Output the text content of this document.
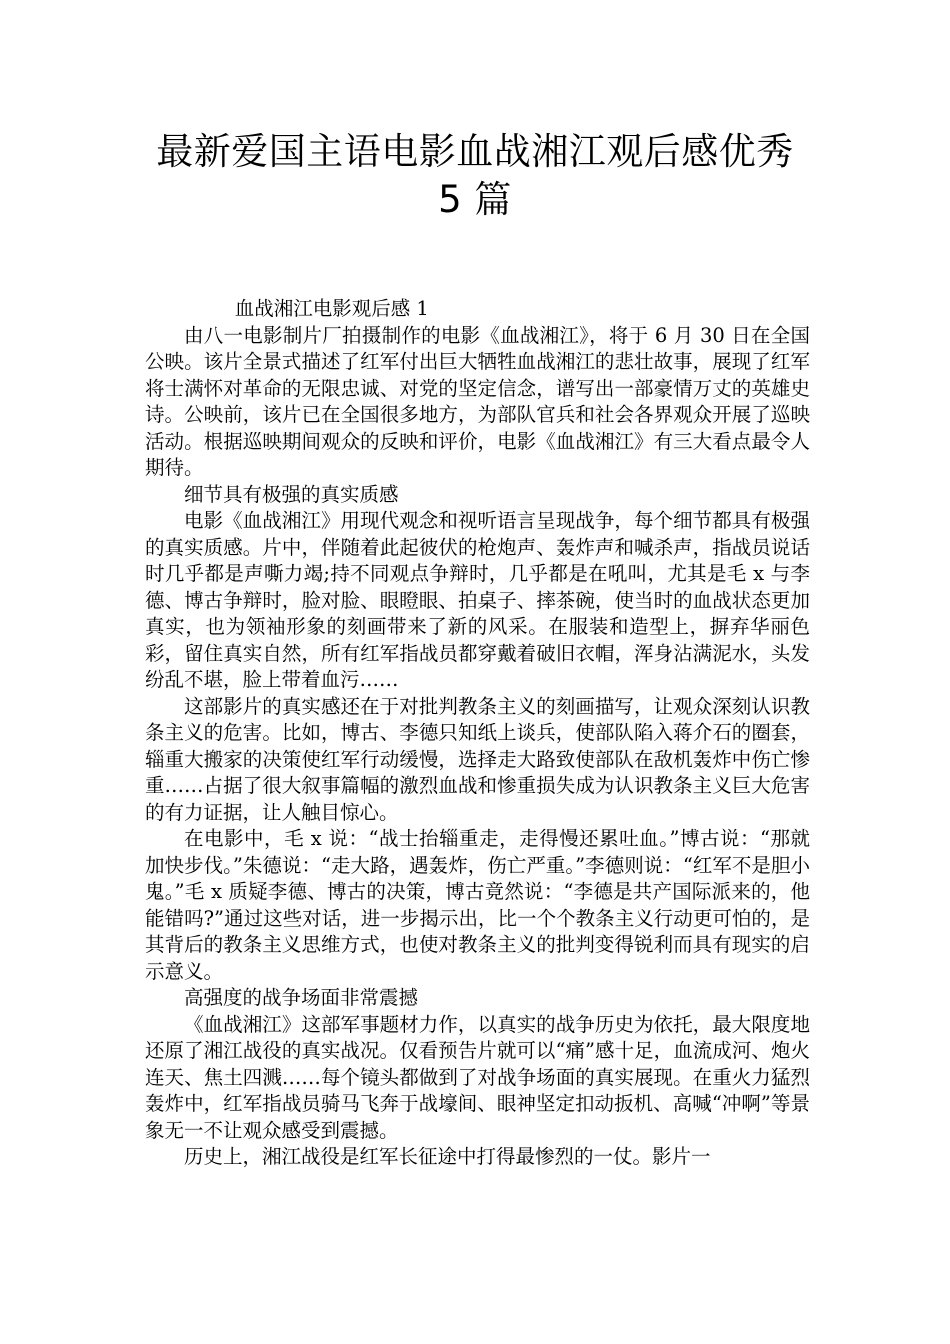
最新爱国主语电影血战湘江观后感优秀
5 篇

血战湘江电影观后感 1

由八一电影制片厂拍摄制作的电影《血战湘江》，将于 6 月 30 日在全国公映。该片全景式描述了红军付出巨大牺牲血战湘江的悲壮故事，展现了红军将士满怀对革命的无限忠诚、对党的坚定信念，谱写出一部豪情万丈的英雄史诗。公映前，该片已在全国很多地方，为部队官兵和社会各界观众开展了巡映活动。根据巡映期间观众的反映和评价，电影《血战湘江》有三大看点最令人期待。

细节具有极强的真实质感

电影《血战湘江》用现代观念和视听语言呈现战争，每个细节都具有极强的真实质感。片中，伴随着此起彼伏的枪炮声、轰炸声和喊杀声，指战员说话时几乎都是声嘶力竭;持不同观点争辩时，几乎都是在吼叫，尤其是毛 x 与李德、博古争辩时，脸对脸、眼瞪眼、拍桌子、摔茶碗，使当时的血战状态更加真实，也为领袖形象的刻画带来了新的风采。在服装和造型上，摒弃华丽色彩，留住真实自然，所有红军指战员都穿戴着破旧衣帽，浑身沾满泥水，头发纷乱不堪，脸上带着血污……

这部影片的真实感还在于对批判教条主义的刻画描写，让观众深刻认识教条主义的危害。比如，博古、李德只知纸上谈兵，使部队陷入蒋介石的圈套，辎重大搬家的决策使红军行动缓慢，选择走大路致使部队在敌机轰炸中伤亡惨重……占据了很大叙事篇幅的激烈血战和惨重损失成为认识教条主义巨大危害的有力证据，让人触目惊心。

在电影中，毛 x 说：“战士抬辎重走，走得慢还累吐血。”博古说：“那就加快步伐。”朱德说：“走大路，遇轰炸，伤亡严重。”李德则说：“红军不是胆小鬼。”毛 x 质疑李德、博古的决策，博古竟然说：“李德是共产国际派来的，他能错吗?”通过这些对话，进一步揭示出，比一个个教条主义行动更可怕的，是其背后的教条主义思维方式，也使对教条主义的批判变得锐利而具有现实的启示意义。

高强度的战争场面非常震撼

《血战湘江》这部军事题材力作，以真实的战争历史为依托，最大限度地还原了湘江战役的真实战况。仅看预告片就可以“痛”感十足，血流成河、炮火连天、焦土四溅……每个镜头都做到了对战争场面的真实展现。在重火力猛烈轰炸中，红军指战员骑马飞奔于战壕间、眼神坚定扣动扳机、高喊“冲啊”等景象无一不让观众感受到震撼。

历史上，湘江战役是红军长征途中打得最惨烈的一仗。影片一
